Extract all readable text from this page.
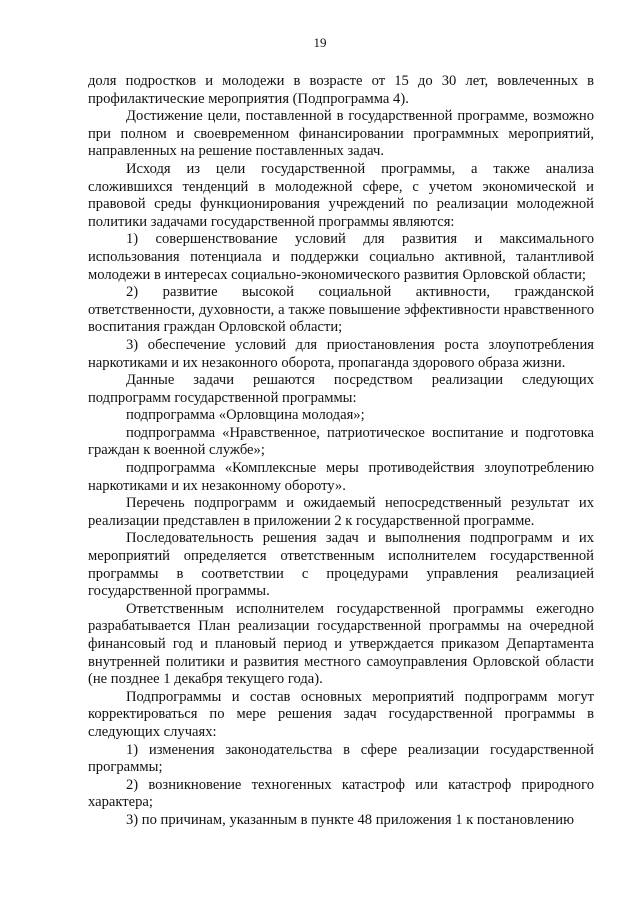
19

доля подростков и молодежи в возрасте от 15 до 30 лет, вовлеченных в профилактические мероприятия (Подпрограмма 4).

Достижение цели, поставленной в государственной программе, возможно при полном и своевременном финансировании программных мероприятий, направленных на решение поставленных задач.

Исходя из цели государственной программы, а также анализа сложившихся тенденций в молодежной сфере, с учетом экономической и правовой среды функционирования учреждений по реализации молодежной политики задачами государственной программы являются:

1) совершенствование условий для развития и максимального использования потенциала и поддержки социально активной, талантливой молодежи в интересах социально-экономического развития Орловской области;

2) развитие высокой социальной активности, гражданской ответственности, духовности, а также повышение эффективности нравственного воспитания граждан Орловской области;

3) обеспечение условий для приостановления роста злоупотребления наркотиками и их незаконного оборота, пропаганда здорового образа жизни.

Данные задачи решаются посредством реализации следующих подпрограмм государственной программы:

подпрограмма «Орловщина молодая»;

подпрограмма «Нравственное, патриотическое воспитание и подготовка граждан к военной службе»;

подпрограмма «Комплексные меры противодействия злоупотреблению наркотиками и их незаконному обороту».

Перечень подпрограмм и ожидаемый непосредственный результат их реализации представлен в приложении 2 к государственной программе.

Последовательность решения задач и выполнения подпрограмм и их мероприятий определяется ответственным исполнителем государственной программы в соответствии с процедурами управления реализацией государственной программы.

Ответственным исполнителем государственной программы ежегодно разрабатывается План реализации государственной программы на очередной финансовый год и плановый период и утверждается приказом Департамента внутренней политики и развития местного самоуправления Орловской области (не позднее 1 декабря текущего года).

Подпрограммы и состав основных мероприятий подпрограмм могут корректироваться по мере решения задач государственной программы в следующих случаях:

1) изменения законодательства в сфере реализации государственной программы;

2) возникновение техногенных катастроф или катастроф природного характера;

3) по причинам, указанным в пункте 48 приложения 1 к постановлению
